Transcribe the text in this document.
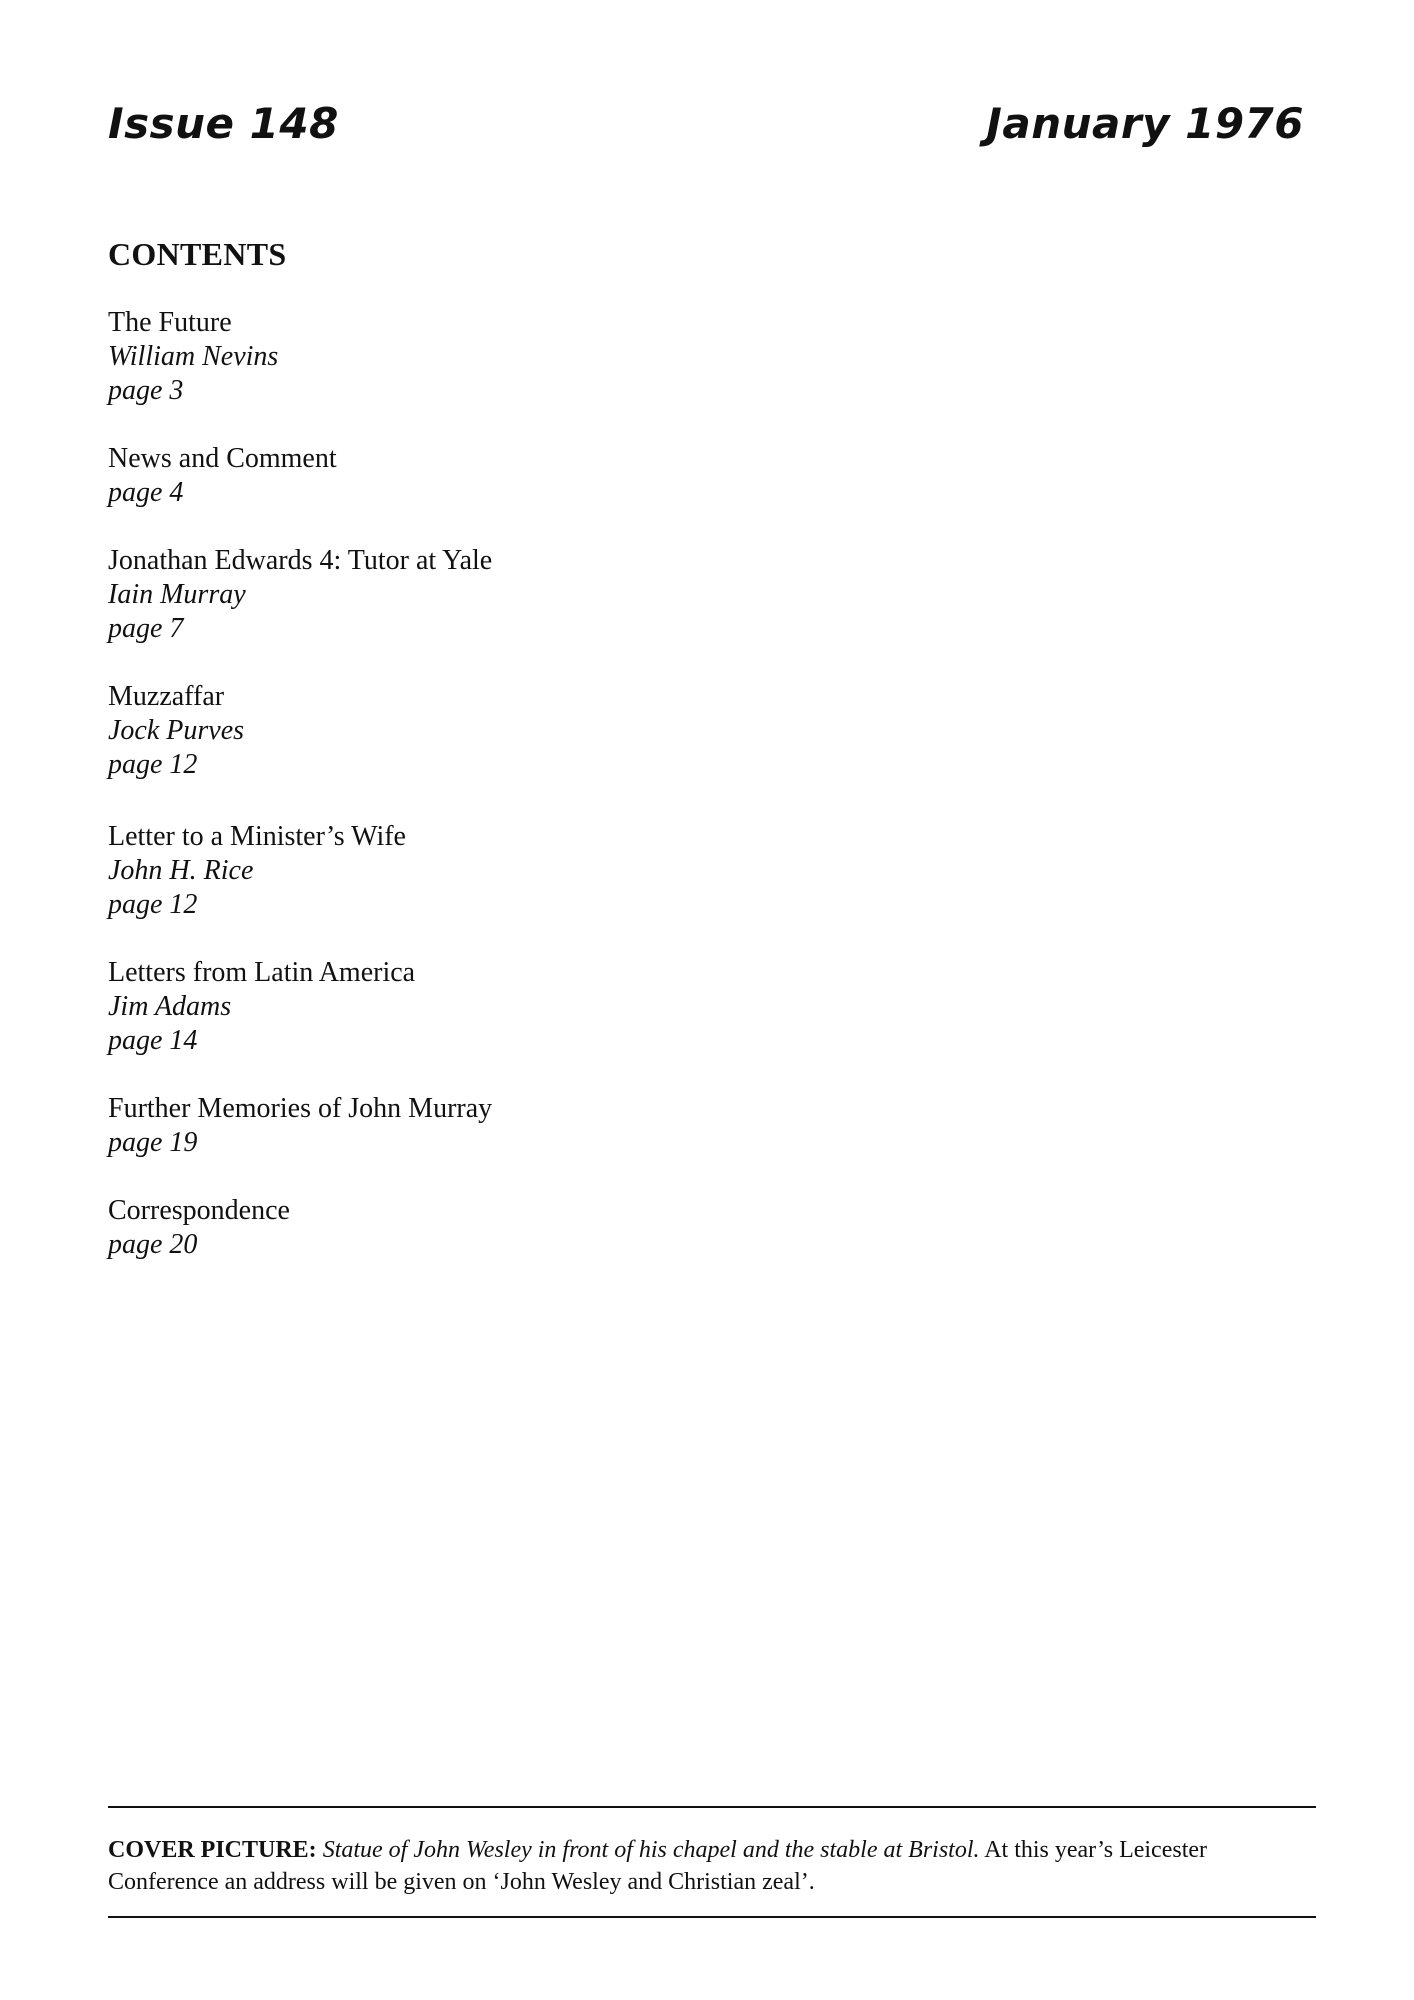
Issue 148	January 1976
CONTENTS
The Future
William Nevins
page 3
News and Comment
page 4
Jonathan Edwards 4: Tutor at Yale
Iain Murray
page 7
Muzzaffar
Jock Purves
page 12
Letter to a Minister’s Wife
John H. Rice
page 12
Letters from Latin America
Jim Adams
page 14
Further Memories of John Murray
page 19
Correspondence
page 20
COVER PICTURE: Statue of John Wesley in front of his chapel and the stable at Bristol. At this year’s Leicester Conference an address will be given on ‘John Wesley and Christian zeal’.
